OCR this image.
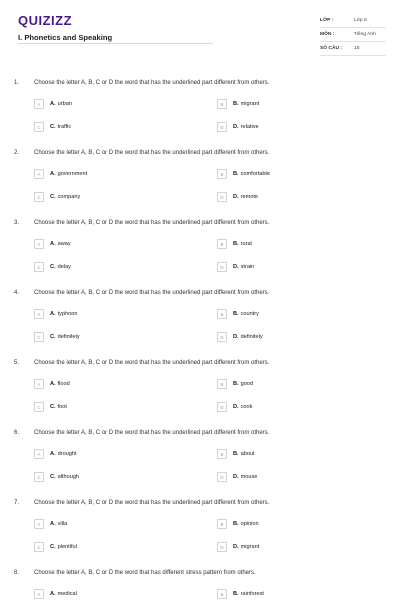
QUIZIZZ
I. Phonetics and Speaking
LỚP :	Lớp 8
MÔN :	Tiếng Anh
SỐ CÂU :	15
1. Choose the letter A, B, C or D the word that has the underlined part different from others.
A	A . urban	B	B . migrant
C	C . traffic	D	D . relative
2. Choose the letter A, B, C or D the word that has the underlined part different from others.
A	A . government	B	B . comfortable
C	C . company	D	D . remote
3. Choose the letter A, B, C or D the word that has the underlined part different from others.
A	A . away	B	B . rural
C	C . delay	D	D . strain
4. Choose the letter A, B, C or D the word that has the underlined part different from others.
A	A . typhoon	B	B . country
C	C . definitely	D	D . definitely
5. Choose the letter A, B, C or D the word that has the underlined part different from others.
A	A . flood	B	B . good
C	C . foot	D	D . cook
6. Choose the letter A, B, C or D the word that has the underlined part different from others.
A	A . drought	B	B . about
C	C . although	D	D . mouse
7. Choose the letter A, B, C or D the word that has the underlined part different from others.
A	A . villa	B	B . opinion
C	C . plentiful	D	D . migrant
8. Choose the letter A, B, C or D the word that has different stress pattern from others.
A	A . medical	B	B . rainforest
